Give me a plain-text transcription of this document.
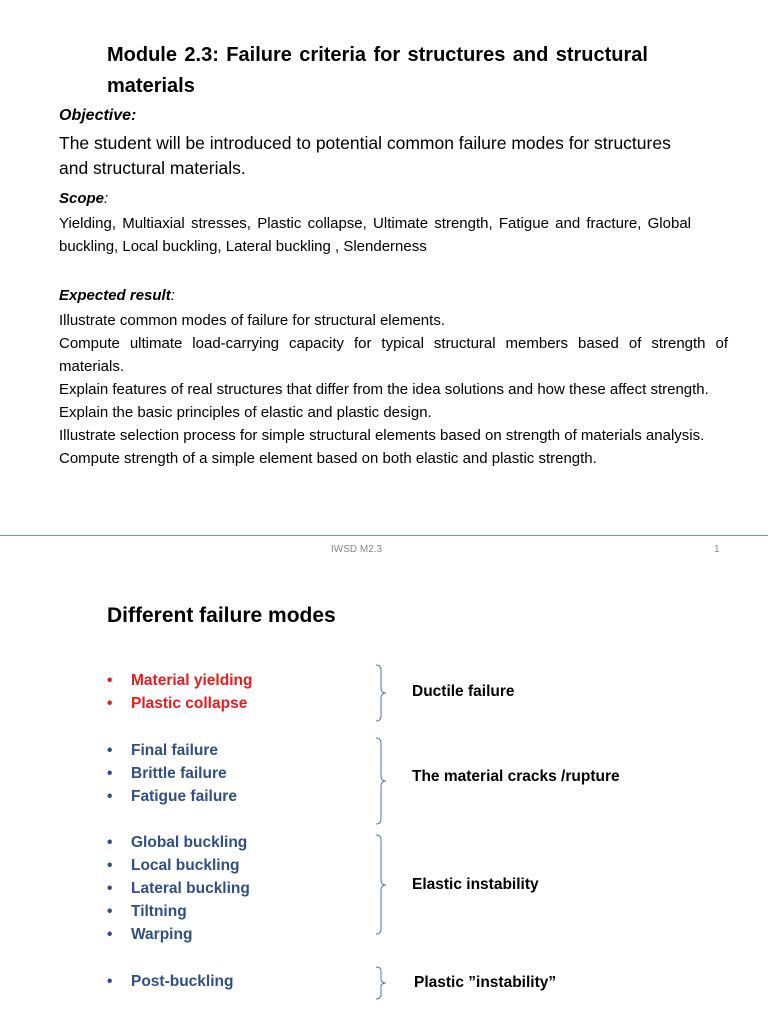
Module 2.3: Failure criteria for structures and structural materials
Objective:
The student will be introduced to potential common failure modes for structures and structural materials.
Scope:
Yielding, Multiaxial stresses, Plastic collapse, Ultimate strength, Fatigue and fracture, Global buckling, Local buckling, Lateral buckling , Slenderness
Expected result:
Illustrate common modes of failure for structural elements.
Compute ultimate load-carrying capacity for typical structural members based of strength of materials.
Explain features of real structures that differ from the idea solutions and how these affect strength.
Explain the basic principles of elastic and plastic design.
Illustrate selection process for simple structural elements based on strength of materials analysis.
Compute strength of a simple element based on both elastic and plastic strength.
IWSD M2.3	1
Different failure modes
• Material yielding
• Plastic collapse
Ductile failure
• Final failure
• Brittle failure
• Fatigue failure
The material cracks /rupture
• Global buckling
• Local buckling
• Lateral buckling
• Tiltning
• Warping
Elastic instability
• Post-buckling	Plastic ”instability”
